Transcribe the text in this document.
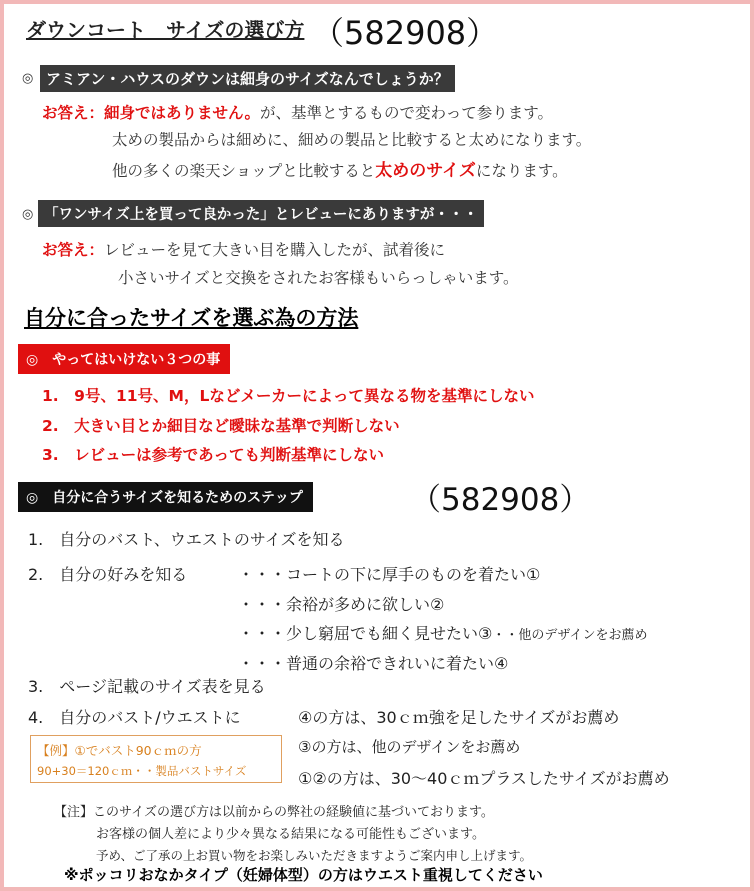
ダウンコート　サイズの選び方 （582908）
◎ アミアン・ハウスのダウンは細身のサイズなんでしょうか？
お答え：細身ではありません。が、基準とするもので変わって参ります。
太めの製品からは細めに、細めの製品と比較すると太めになります。
他の多くの楽天ショップと比較すると太めのサイズになります。
◎ 「ワンサイズ上を買って良かった」とレビューにありますが・・・
お答え：レビューを見て大きい目を購入したが、試着後に
小さいサイズと交換をされたお客様もいらっしゃいます。
自分に合ったサイズを選ぶ為の方法
◎　やってはいけない３つの事
1.　9号、11号、M，Lなどメーカーによって異なる物を基準にしない
2.　大きい目とか細目など曖昧な基準で判断しない
3.　レビューは参考であっても判断基準にしない
◎　自分に合うサイズを知るためのステップ	（582908）
1.　自分のバスト、ウエストのサイズを知る
2.　自分の好みを知る	・・・コートの下に厚手のものを着たい①
・・・余裕が多めに欲しい②
・・・少し窮屈でも細く見せたい③・・他のデザインをお薦め
・・・普通の余裕できれいに着たい④
3.　ページ記載のサイズ表を見る
4.　自分のバスト/ウエストに	④の方は、30ｃｍ強を足したサイズがお薦め
③の方は、他のデザインをお薦め
①②の方は、30～40ｃｍプラスしたサイズがお薦め
【例】①でバスト90ｃｍの方
90+30＝120ｃｍ・・製品バストサイズ
【注】このサイズの選び方は以前からの弊社の経験値に基づいております。
お客様の個人差により少々異なる結果になる可能性もございます。
予め、ご了承の上お買い物をお楽しみいただきますようご案内申し上げます。
※ポッコリおなかタイプ（妊婦体型）の方はウエスト重視してください
